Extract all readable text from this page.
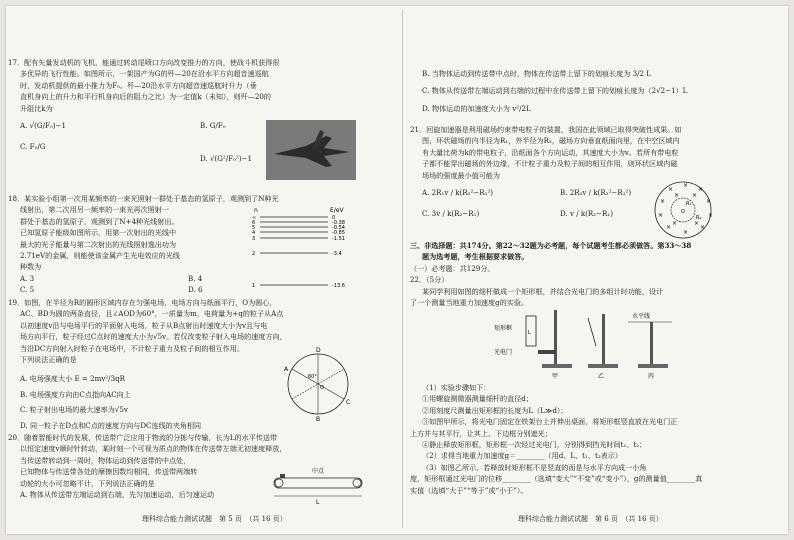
17．配有矢量发动机的飞机，能通过转动尾喷口方向改变推力的方向，使战斗机获得很

多优异的飞行性能。如图所示，一架国产为G的歼—20在沿水平方向超音速巡航

时，发动机提供的最小推力为F₀。歼—20沿水平方向超音速巡航时升力（垂

直机身向上的升力和平行机身向后的阻力之比）为一定值k（未知），则歼—20的

升阻比k为

A. √(G/F₀)−1	B. G/F₀

C. F₀/G

D. √(G²/F₀²)−1

18．某实验小组第一次用某频率的一束光照射一群处于基态的氢原子，观测到了N种光

线射出，第二次用另一频率的一束光再次照射一

群处于基态的氢原子，观测到了N+4种光线射出。

已知氢原子能级如图所示，用第一次射出的光线中

最大的光子能量与第二次射出的光线照射逸出功为

2.71eV的金属，则能使该金属产生光电效应的光线

种数为

A. 3

C. 5

B. 4

D. 6

n	E/eV
∞	0
6	-0.38
5	-0.54
4	-0.85
3	-1.51
2	-3.4
1	-13.6

19．如图，在半径为R的圆形区域内存在匀强电场，电场方向与纸面平行，O为圆心，

AC、BD为圆的两条直径，且∠AOD为60°，一质量为m，电荷量为+q的粒子从A点

以初速度v沿与电场平行的平面射入电场，粒子从B点射出时速度大小为v且与电

场方向平行，粒子经过C点时的速度大小为√5v。若仅改变粒子射入电场的速度方向，

当沿DC方向射入时粒子在电场中，不计粒子重力及粒子间的相互作用。

下列说法正确的是

A. 电场强度大小 E = 2mv²/3qR

B. 电场强度方向由C点指向AC向上

C. 粒子射出电场的最大速率为√5v

D. 同一粒子在D点和C点的速度方向与DC连线的夹角相同

D
B
A
C
O
60°

20．随着智能时代的发展，传送带广泛应用于物流的分拣与传输，长为L的水平传送带

以恒定速度v顺时针转动，某时刻一个可视为质点的物体在传送带左端无初速度释放，

当传送带转动到一周时，物体运动到传送带的中点处，

已知物体与传送带各处的摩擦因数均相同，传送带两端转

动轮的大小可忽略不计，下列说法正确的是

A. 物体从传送带左端运动到右端，先匀加速运动，后匀速运动

中点
L
理科综合能力测试试题　第 5 页　（共 16 页）

B. 当物体运动到传送带中点时，物体在传送带上留下的划痕长度为 3/2 L

C. 物体从传送带左端运动到右端的过程中在传送带上留下的划痕长度为（2√2−1）L

D. 物体运动的加速度大小为 v²/2L

21．回旋加速器是利用磁场约束带电粒子的装置，我国在此领域已取得突破性成果。如

图，环状磁场的内半径为R₁，外半径为R₂，磁场方向垂直纸面向里，在中空区域内

有大量比荷为k的带电粒子，沿纸面各个方向运动，其速度大小为v。若所有带电粒

子都不能穿出磁场的外边缘，不计粒子重力及粒子间的相互作用，则环状区域内磁

场场的强度最小值可能为

A. 2R₁v / k(R₂²−R₁²)	B. 2R₂v / k(R₂²−R₁²)

C. 3v / k(R₂−R₁)	D. v / k(R₂−R₁)

三、非选择题：共174分。第22～32题为必考题，每个试题考生都必须做答。第33～38

题为选考题，考生根据要求做答。

（一）必考题：共129分。

22．（5分）

某同学利用如图的细杆做成一个矩形框，并结合光电门的多组计时功能，设计

了一个测量当地重力加速度g的实验。

（1）实验步骤如下：

①用螺旋测微器测量细杆的直径d；

②用刻度尺测量出矩形框的长度为L（L≫d）；

③如图甲所示，将光电门固定在铁架台上并伸出桌面，将矩形框竖直放在光电门正

上方并与其平行，让其上、下边框分别遮光；

④静止释放矩形框，矩形框一次经过光电门，分别得到挡光时间t₁、t₂；

（2）求得当地重力加速度g＝________（用d、L、t₁、t₂表示）

（3）如图乙所示，若释放时矩形框不是竖直的而是与水平方向成一小角

度，矩形框通过光电门的位移________（选填“变大”“不变”或“变小”），g的测量值________真

实值（选填“大于”“等于”或“小于”）。

理科综合能力测试试题　第 6 页　（共 16 页）
×
×
×
×	×
×	×
×
×
×
× ×
×	×
O
R₁
R₂
矩形框
L
光电门
甲	乙
水平线
丙
